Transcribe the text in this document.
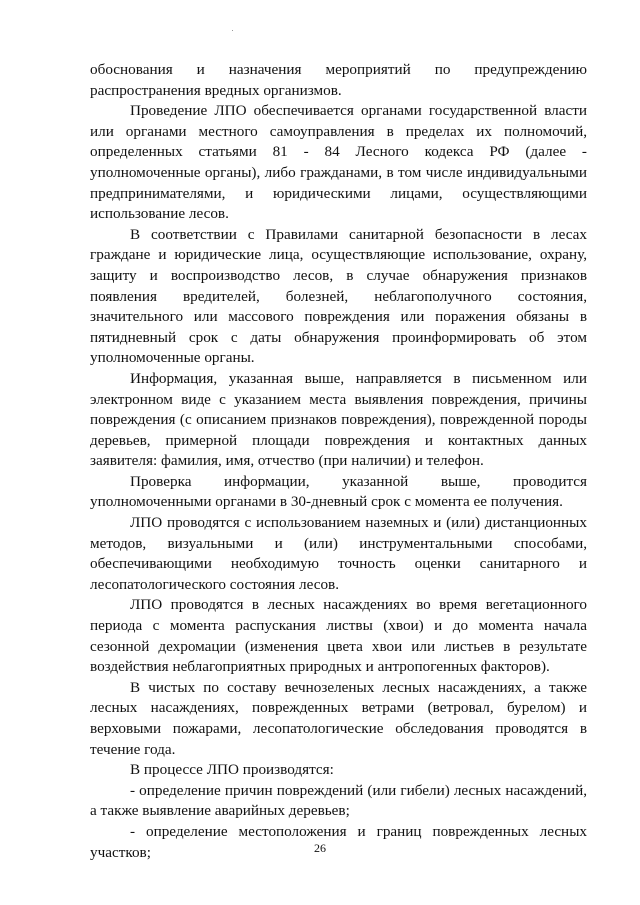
обоснования и назначения мероприятий по предупреждению распространения вредных организмов.

Проведение ЛПО обеспечивается органами государственной власти или органами местного самоуправления в пределах их полномочий, определенных статьями 81 - 84 Лесного кодекса РФ (далее - уполномоченные органы), либо гражданами, в том числе индивидуальными предпринимателями, и юридическими лицами, осуществляющими использование лесов.

В соответствии с Правилами санитарной безопасности в лесах граждане и юридические лица, осуществляющие использование, охрану, защиту и воспроизводство лесов, в случае обнаружения признаков появления вредителей, болезней, неблагополучного состояния, значительного или массового повреждения или поражения обязаны в пятидневный срок с даты обнаружения проинформировать об этом уполномоченные органы.

Информация, указанная выше, направляется в письменном или электронном виде с указанием места выявления повреждения, причины повреждения (с описанием признаков повреждения), поврежденной породы деревьев, примерной площади повреждения и контактных данных заявителя: фамилия, имя, отчество (при наличии) и телефон.

Проверка информации, указанной выше, проводится уполномоченными органами в 30-дневный срок с момента ее получения.

ЛПО проводятся с использованием наземных и (или) дистанционных методов, визуальными и (или) инструментальными способами, обеспечивающими необходимую точность оценки санитарного и лесопатологического состояния лесов.

ЛПО проводятся в лесных насаждениях во время вегетационного периода с момента распускания листвы (хвои) и до момента начала сезонной дехромации (изменения цвета хвои или листьев в результате воздействия неблагоприятных природных и антропогенных факторов).

В чистых по составу вечнозеленых лесных насаждениях, а также лесных насаждениях, поврежденных ветрами (ветровал, бурелом) и верховыми пожарами, лесопатологические обследования проводятся в течение года.

В процессе ЛПО производятся:

- определение причин повреждений (или гибели) лесных насаждений, а также выявление аварийных деревьев;

- определение местоположения и границ поврежденных лесных участков;	26
